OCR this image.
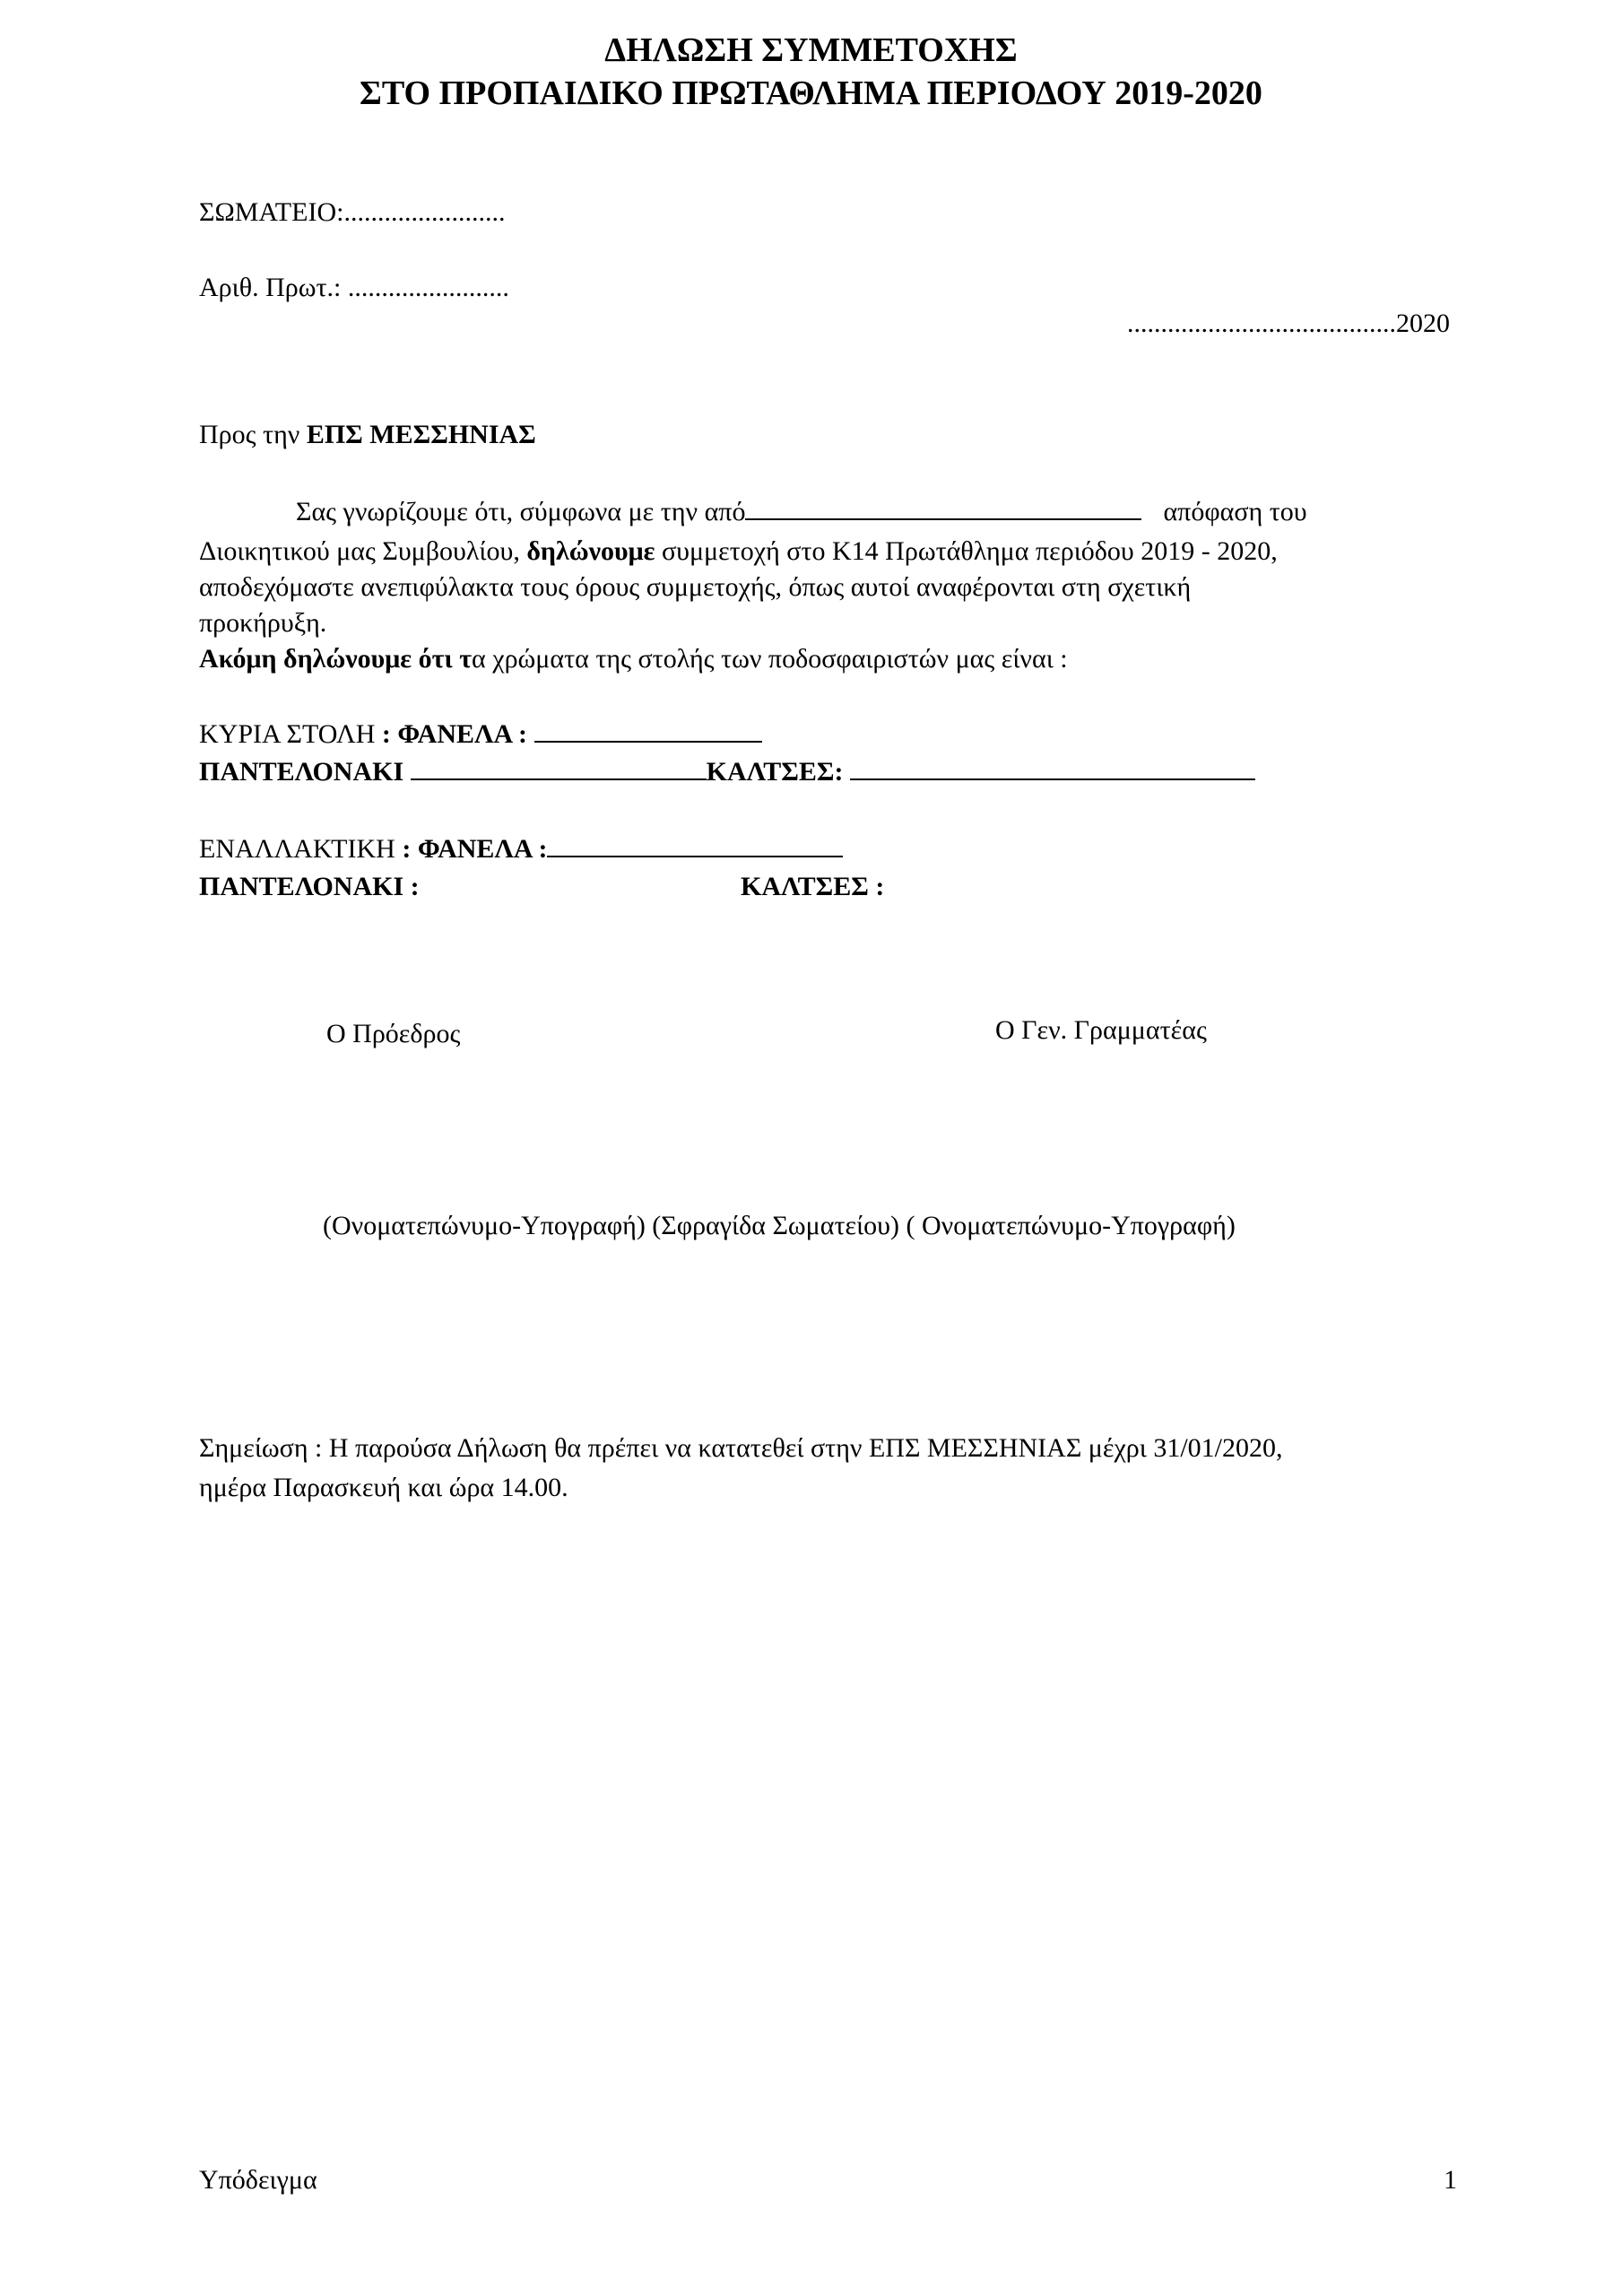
ΔΗΛΩΣΗ ΣΥΜΜΕΤΟΧΗΣ
ΣΤΟ ΠΡΟΠΑΙΔΙΚΟ ΠΡΩΤΑΘΛΗΜΑ ΠΕΡΙΟΔΟΥ 2019-2020
ΣΩΜΑΤΕΙΟ:........................
Αριθ. Πρωτ.: ........................
........................................2020
Προς την ΕΠΣ ΜΕΣΣΗΝΙΑΣ
Σας γνωρίζουμε ότι, σύμφωνα με την από	απόφαση του
Διοικητικού μας Συμβουλίου, δηλώνουμε συμμετοχή στο Κ14 Πρωτάθλημα περιόδου 2019 - 2020,
αποδεχόμαστε ανεπιφύλακτα τους όρους συμμετοχής, όπως αυτοί αναφέρονται στη σχετική
προκήρυξη.
Ακόμη δηλώνουμε ότι τα χρώματα της στολής των ποδοσφαιριστών μας είναι :
ΚΥΡΙΑ ΣΤΟΛΗ : ΦΑΝΕΛΑ :
ΠΑΝΤΕΛΟΝΑΚΙ	ΚΑΛΤΣΕΣ:
ΕΝΑΛΛΑΚΤΙΚΗ : ΦΑΝΕΛΑ :
ΠΑΝΤΕΛΟΝΑΚΙ :	ΚΑΛΤΣΕΣ :
Ο Πρόεδρος	Ο Γεν. Γραμματέας
(Ονοματεπώνυμο-Υπογραφή) (Σφραγίδα Σωματείου) ( Ονοματεπώνυμο-Υπογραφή)
Σημείωση : Η παρούσα Δήλωση θα πρέπει να κατατεθεί στην ΕΠΣ ΜΕΣΣΗΝΙΑΣ μέχρι 31/01/2020,
ημέρα Παρασκευή και ώρα 14.00.
Υπόδειγμα	1
